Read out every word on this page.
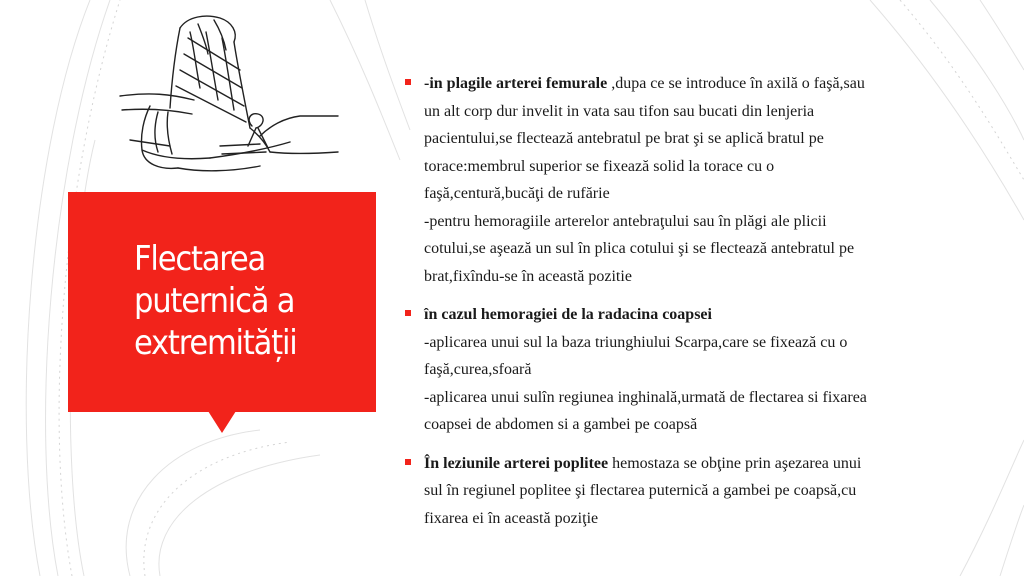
Flectarea
puternică a
extremității
-in plagile arterei femurale ,dupa ce se introduce în axilă o faşă,sau
un alt corp dur invelit in vata sau tifon sau bucati din lenjeria
pacientului,se flectează antebratul pe brat şi se aplică bratul pe
torace:membrul superior se fixează solid la torace cu o
faşă,centură,bucăţi de rufărie
-pentru hemoragiile arterelor antebraţului sau în plăgi ale plicii
cotului,se aşează un sul în plica cotului şi se flectează antebratul pe
brat,fixîndu-se în această pozitie
în cazul hemoragiei de la radacina coapsei
-aplicarea unui sul la baza triunghiului Scarpa,care se fixează cu o
faşă,curea,sfoară
-aplicarea unui sulîn regiunea inghinală,urmată de flectarea si fixarea
coapsei de abdomen si a gambei pe coapsă
În leziunile arterei poplitee hemostaza se obţine prin aşezarea unui
sul în regiunel poplitee şi flectarea puternică a gambei pe coapsă,cu
fixarea ei în această poziţie
